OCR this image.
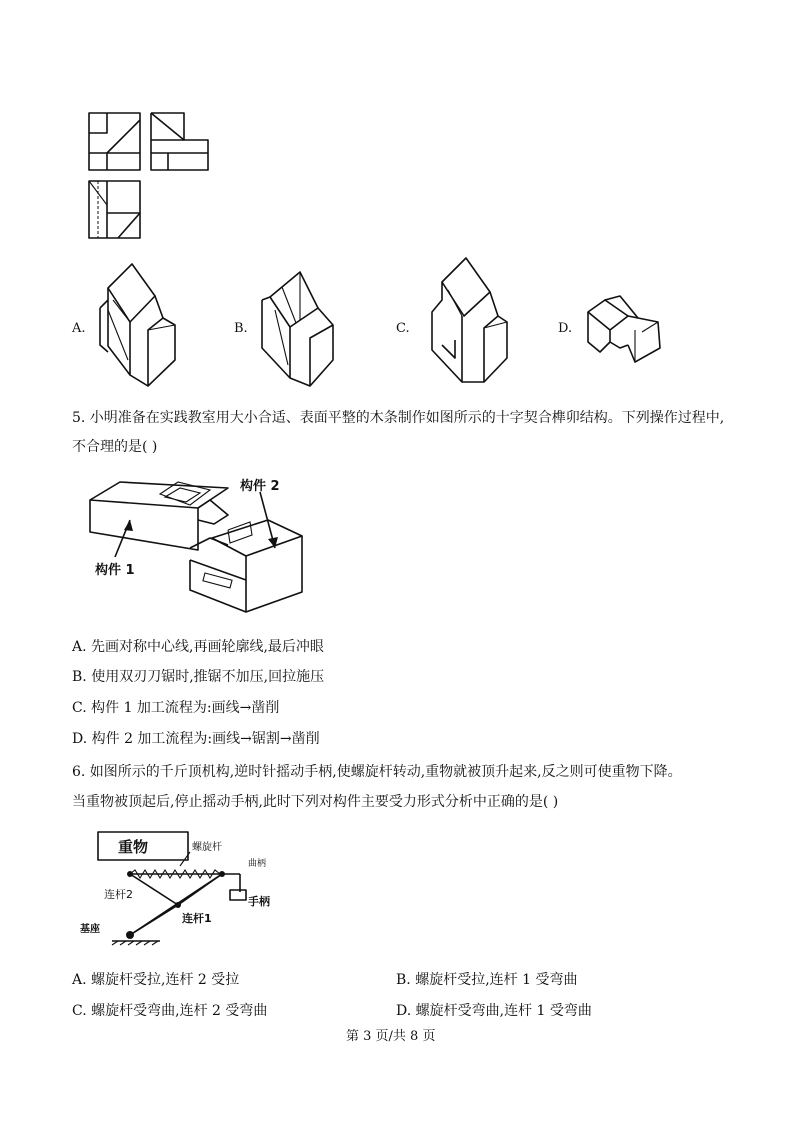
A.	B.	C.	D.
5. 小明准备在实践教室用大小合适、表面平整的木条制作如图所示的十字契合榫卯结构。下列操作过程中,
不合理的是( )
构件 2
构件 1
A. 先画对称中心线,再画轮廓线,最后冲眼
B. 使用双刃刀锯时,推锯不加压,回拉施压
C. 构件 1 加工流程为:画线→凿削
D. 构件 2 加工流程为:画线→锯割→凿削
6. 如图所示的千斤顶机构,逆时针摇动手柄,使螺旋杆转动,重物就被顶升起来,反之则可使重物下降。
当重物被顶起后,停止摇动手柄,此时下列对构件主要受力形式分析中正确的是( )
重物	螺旋杆
曲柄
连杆2
手柄
连杆1
基座
A. 螺旋杆受拉,连杆 2 受拉	B. 螺旋杆受拉,连杆 1 受弯曲
C. 螺旋杆受弯曲,连杆 2 受弯曲	D. 螺旋杆受弯曲,连杆 1 受弯曲
第 3 页/共 8 页
